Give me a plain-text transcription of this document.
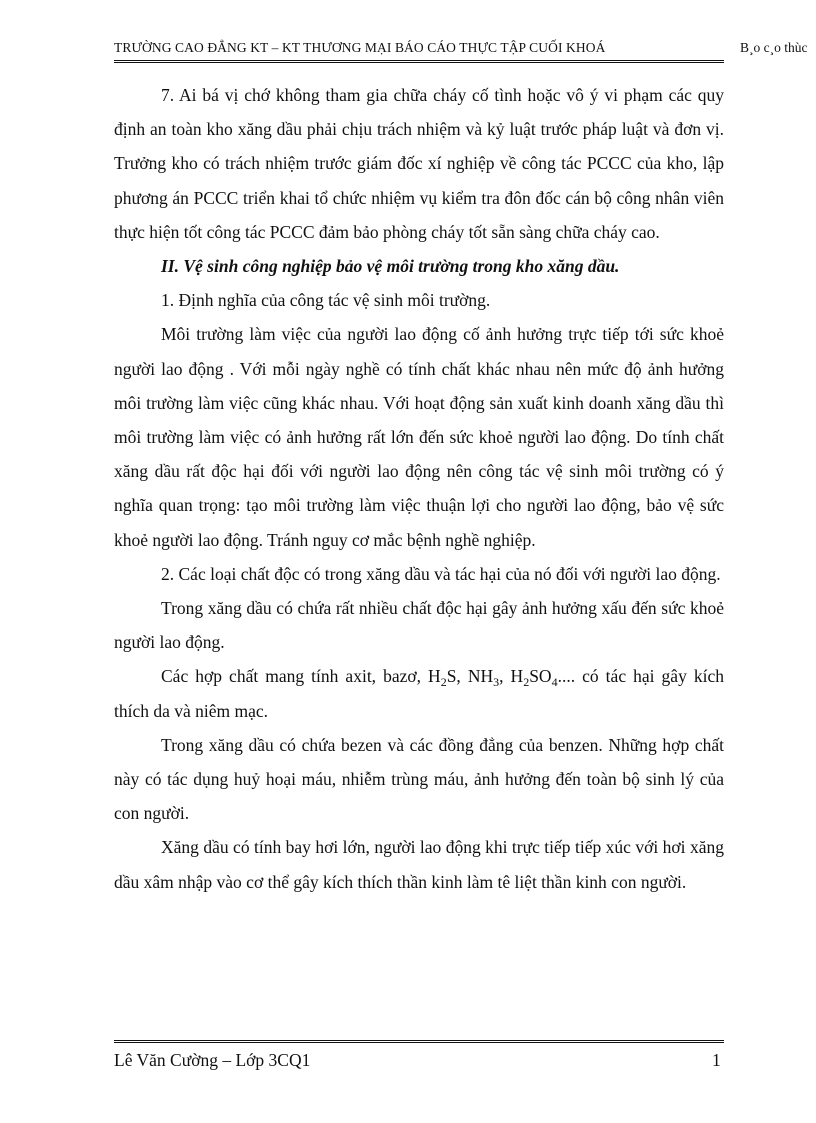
TRƯỜNG CAO ĐẲNG KT – KT THƯƠNG MẠI BÁO CÁO THỰC TẬP CUỐI KHOÁ	B¸o c¸o thùc

7. Ai bá vị chớ không tham gia chữa cháy cố tình hoặc vô ý vi phạm các quy định an toàn kho xăng dầu phải chịu trách nhiệm và kỷ luật trước pháp luật và đơn vị. Trưởng kho có trách nhiệm trước giám đốc xí nghiệp về công tác PCCC của kho, lập phương án PCCC triển khai tổ chức nhiệm vụ kiểm tra đôn đốc cán bộ công nhân viên thực hiện tốt công tác PCCC đảm bảo phòng cháy tốt sẵn sàng chữa cháy cao.

II. Vệ sinh công nghiệp bảo vệ môi trường trong kho xăng dầu.

1. Định nghĩa của công tác vệ sinh môi trường.

Môi trường làm việc của người lao động cố ảnh hưởng trực tiếp tới sức khoẻ người lao động . Với mỗi ngày nghề có tính chất khác nhau nên mức độ ảnh hưởng môi trường làm việc cũng khác nhau. Với hoạt động sản xuất kinh doanh xăng dầu thì môi trường làm việc có ảnh hưởng rất lớn đến sức khoẻ người lao động. Do tính chất xăng dầu rất độc hại đối với người lao động nên công tác vệ sinh môi trường có ý nghĩa quan trọng: tạo môi trường làm việc thuận lợi cho người lao động, bảo vệ sức khoẻ người lao động. Tránh nguy cơ mắc bệnh nghề nghiệp.

2. Các loại chất độc có trong xăng dầu và tác hại của nó đối với người lao động.

Trong xăng dầu có chứa rất nhiều chất độc hại gây ảnh hưởng xấu đến sức khoẻ người lao động.

Các hợp chất mang tính axit, bazơ, $H_2S$, $NH_3$, $H_2SO_4$.... có tác hại gây kích thích da và niêm mạc.

Trong xăng dầu có chứa bezen và các đồng đẳng của benzen. Những hợp chất này có tác dụng huỷ hoại máu, nhiễm trùng máu, ảnh hưởng đến toàn bộ sinh lý của con người.

Xăng dầu có tính bay hơi lớn, người lao động khi trực tiếp tiếp xúc với hơi xăng dầu xâm nhập vào cơ thể gây kích thích thần kinh làm tê liệt thần kinh con người.

Lê Văn Cường – Lớp 3CQ1	1
